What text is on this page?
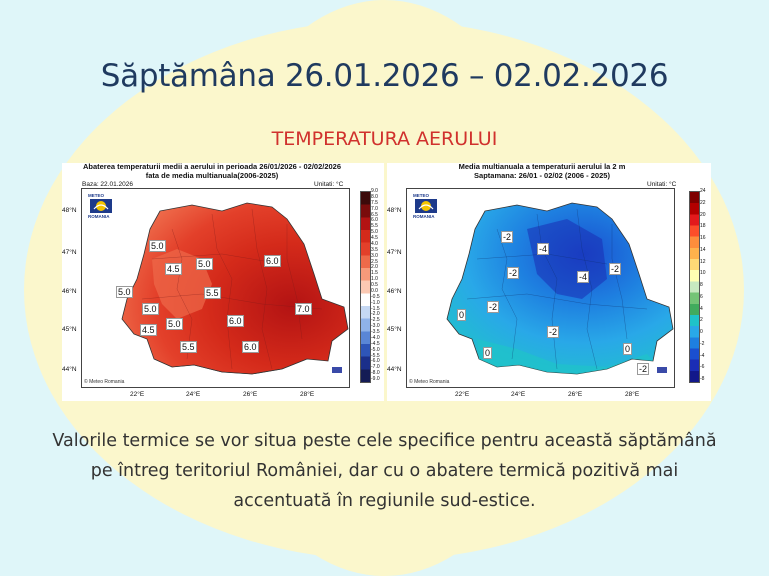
Săptămâna 26.01.2026 – 02.02.2026
TEMPERATURA AERULUI
Abaterea temperaturii medii a aerului in perioada 26/01/2026 - 02/02/2026
fata de media multianuala(2006-2025)
Baza: 22.01.2026	Unitati: °C
METEO
ROMANIA
48°N
47°N
46°N
45°N
44°N
22°E	24°E	26°E	28°E
5.0
4.5 5.0
5.0
5.0
5.5
4.5
5.0
5.5
6.0
6.0
6.0
7.0
9.0
8.0
7.5
7.0
6.5
6.0
5.5
5.0
4.5
4.0
3.5
3.0
2.5
2.0
1.5
1.0
0.5
0.0
-0.5
-1.0
-1.5
-2.0
-2.5
-3.0
-3.5
-4.0
-4.5
-5.0
-5.5
-6.0
-7.0
-8.0
-9.0
© Meteo Romania
Media multianuala a temperaturii aerului la 2 m
Saptamana: 26/01 - 02/02 (2006 - 2025)
Unitati: °C
METEO
ROMANIA
48°N
47°N
46°N
45°N
44°N
22°E	24°E	26°E	28°E
-2
-4
-2	-4
-2
-2
0
-2
0	0
-2
24
22
20
18
16
14
12
10
8
6
4
2
0
-2
-4
-6
-8
© Meteo Romania
Valorile termice se vor situa peste cele specifice pentru această săptămână pe întreg teritoriul României, dar cu o abatere termică pozitivă mai accentuată în regiunile sud-estice.
